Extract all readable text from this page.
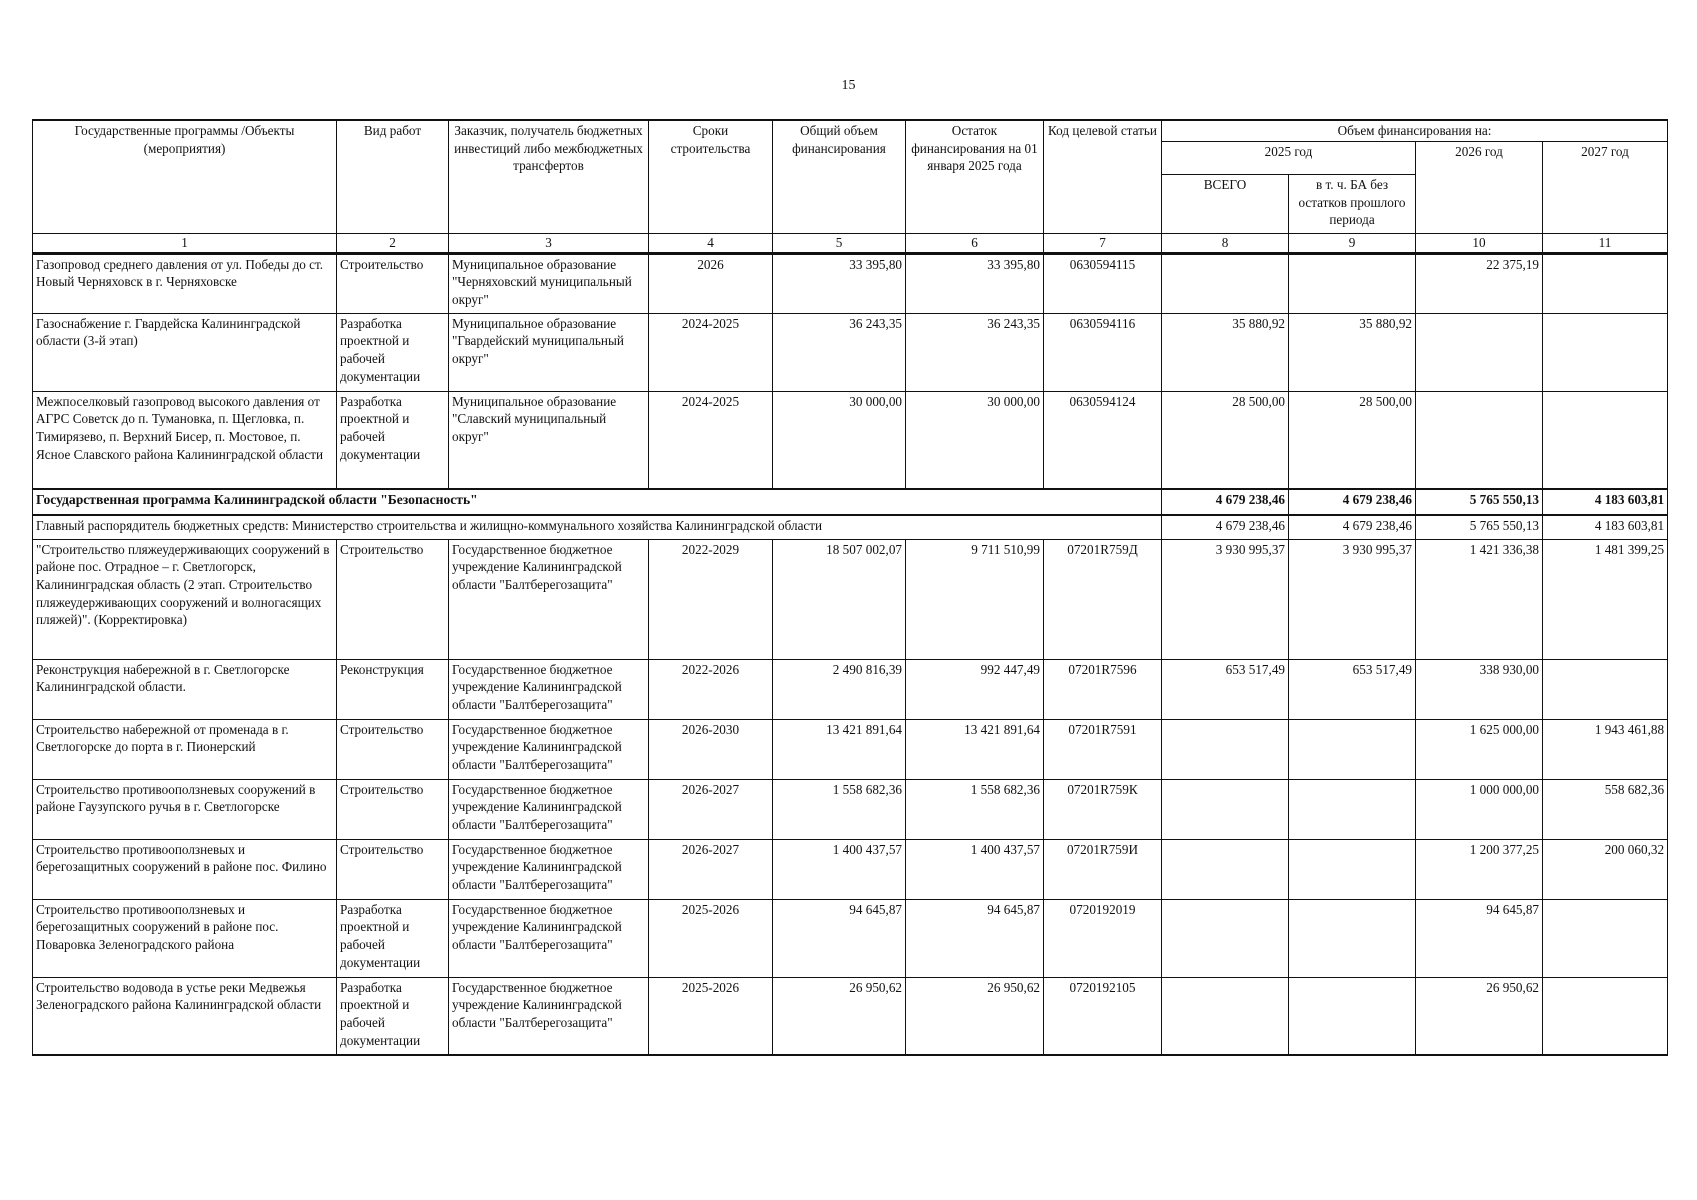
15
Государственные программы /Объекты (мероприятия)	Вид работ	Заказчик, получатель бюджетных инвестиций либо межбюджетных трансфертов	Сроки строительства	Общий объем финансирования	Остаток финансирования на 01 января 2025 года	Код целевой статьи	Объем финансирования на:			
							2025 год		2026 год	2027 год
							ВСЕГО	в т. ч. БА без остатков прошлого периода		
1	2	3	4	5	6	7	8	9	10	11
Газопровод среднего давления от ул. Победы до ст. Новый Черняховск в г. Черняховске	Строительство	Муниципальное образование "Черняховский муниципальный округ"	2026	33 395,80	33 395,80	0630594115			22 375,19	
Газоснабжение г. Гвардейска Калининградской области (3-й этап)	Разработка проектной и рабочей документации	Муниципальное образование "Гвардейский муниципальный округ"	2024-2025	36 243,35	36 243,35	0630594116	35 880,92	35 880,92		
Межпоселковый газопровод высокого давления от АГРС Советск до п. Тумановка, п. Щегловка, п. Тимирязево, п. Верхний Бисер, п. Мостовое, п. Ясное Славского района Калининградской области	Разработка проектной и рабочей документации	Муниципальное образование "Славский муниципальный округ"	2024-2025	30 000,00	30 000,00	0630594124	28 500,00	28 500,00		
Государственная программа Калининградской области "Безопасность"							4 679 238,46	4 679 238,46	5 765 550,13	4 183 603,81
Главный распорядитель бюджетных средств: Министерство строительства и жилищно-коммунального хозяйства Калининградской области							4 679 238,46	4 679 238,46	5 765 550,13	4 183 603,81
"Строительство пляжеудерживающих сооружений в районе пос. Отрадное – г. Светлогорск, Калининградская область (2 этап. Строительство пляжеудерживающих сооружений и волногасящих пляжей)". (Корректировка)	Строительство	Государственное бюджетное учреждение Калининградской области "Балтберегозащита"	2022-2029	18 507 002,07	9 711 510,99	07201R759Д	3 930 995,37	3 930 995,37	1 421 336,38	1 481 399,25
Реконструкция набережной в г. Светлогорске Калининградской области.	Реконструкция	Государственное бюджетное учреждение Калининградской области "Балтберегозащита"	2022-2026	2 490 816,39	992 447,49	07201R7596	653 517,49	653 517,49	338 930,00	
Строительство набережной от променада в г. Светлогорске до порта в г. Пионерский	Строительство	Государственное бюджетное учреждение Калининградской области "Балтберегозащита"	2026-2030	13 421 891,64	13 421 891,64	07201R7591			1 625 000,00	1 943 461,88
Строительство противооползневых сооружений в районе Гаузупского ручья в г. Светлогорске	Строительство	Государственное бюджетное учреждение Калининградской области "Балтберегозащита"	2026-2027	1 558 682,36	1 558 682,36	07201R759К			1 000 000,00	558 682,36
Строительство противооползневых и берегозащитных сооружений в районе пос. Филино	Строительство	Государственное бюджетное учреждение Калининградской области "Балтберегозащита"	2026-2027	1 400 437,57	1 400 437,57	07201R759И			1 200 377,25	200 060,32
Строительство противооползневых и берегозащитных сооружений в районе пос. Поваровка Зеленоградского района	Разработка проектной и рабочей документации	Государственное бюджетное учреждение Калининградской области "Балтберегозащита"	2025-2026	94 645,87	94 645,87	0720192019			94 645,87	
Строительство водовода в устье реки Медвежья Зеленоградского района Калининградской области	Разработка проектной и рабочей документации	Государственное бюджетное учреждение Калининградской области "Балтберегозащита"	2025-2026	26 950,62	26 950,62	0720192105			26 950,62	
